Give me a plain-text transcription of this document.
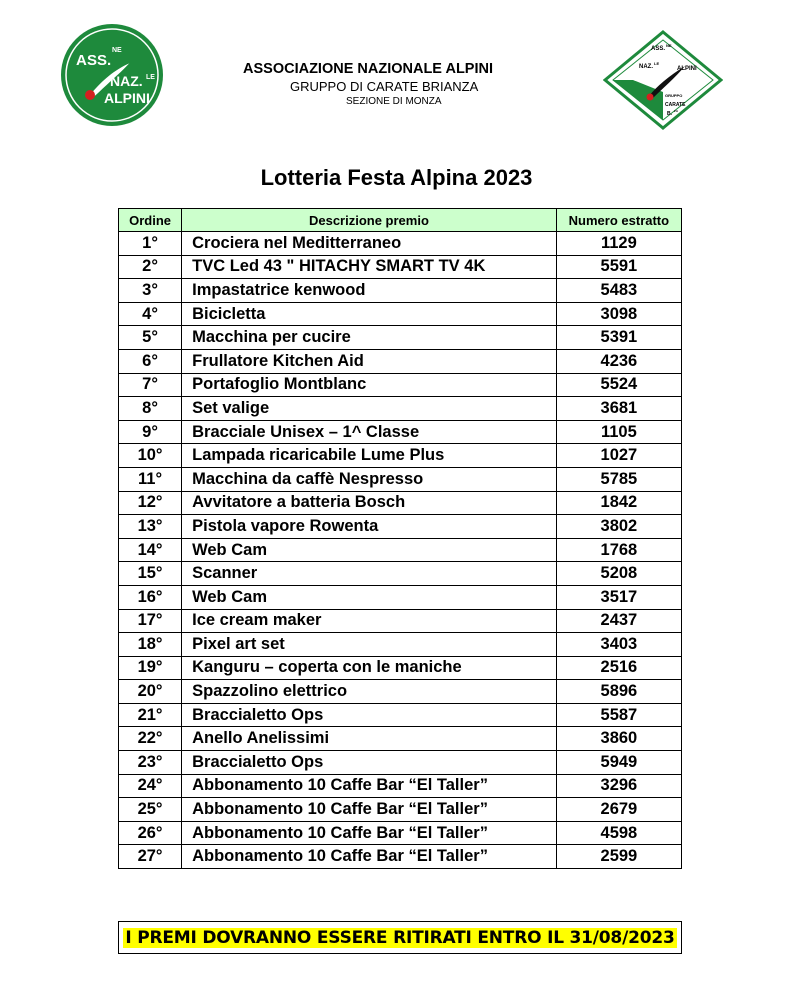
A SS.
NE
NAZ. LE
ALPINI
ASS.
NE
NAZ.
LE
ALPINI
GRUPPO
CARATE
B. ZA
ASSOCIAZIONE NAZIONALE ALPINI
GRUPPO DI CARATE BRIANZA
SEZIONE DI MONZA
Lotteria Festa Alpina 2023
Ordine	Descrizione premio	Numero estratto
1°	Crociera nel Meditterraneo	1129
2°	TVC Led 43 " HITACHY SMART TV 4K	5591
3°	Impastatrice kenwood	5483
4°	Bicicletta	3098
5°	Macchina per cucire	5391
6°	Frullatore Kitchen Aid	4236
7°	Portafoglio Montblanc	5524
8°	Set valige	3681
9°	Bracciale Unisex – 1^ Classe	1105
10°	Lampada ricaricabile Lume Plus	1027
11°	Macchina da caffè Nespresso	5785
12°	Avvitatore a batteria Bosch	1842
13°	Pistola vapore Rowenta	3802
14°	Web Cam	1768
15°	Scanner	5208
16°	Web Cam	3517
17°	Ice cream maker	2437
18°	Pixel art set	3403
19°	Kanguru – coperta con le maniche	2516
20°	Spazzolino elettrico	5896
21°	Braccialetto Ops	5587
22°	Anello Anelissimi	3860
23°	Braccialetto Ops	5949
24°	Abbonamento 10 Caffe Bar “El Taller”	3296
25°	Abbonamento 10 Caffe Bar “El Taller”	2679
26°	Abbonamento 10 Caffe Bar “El Taller”	4598
27°	Abbonamento 10 Caffe Bar “El Taller”	2599
I PREMI DOVRANNO ESSERE RITIRATI ENTRO IL 31/08/2023
